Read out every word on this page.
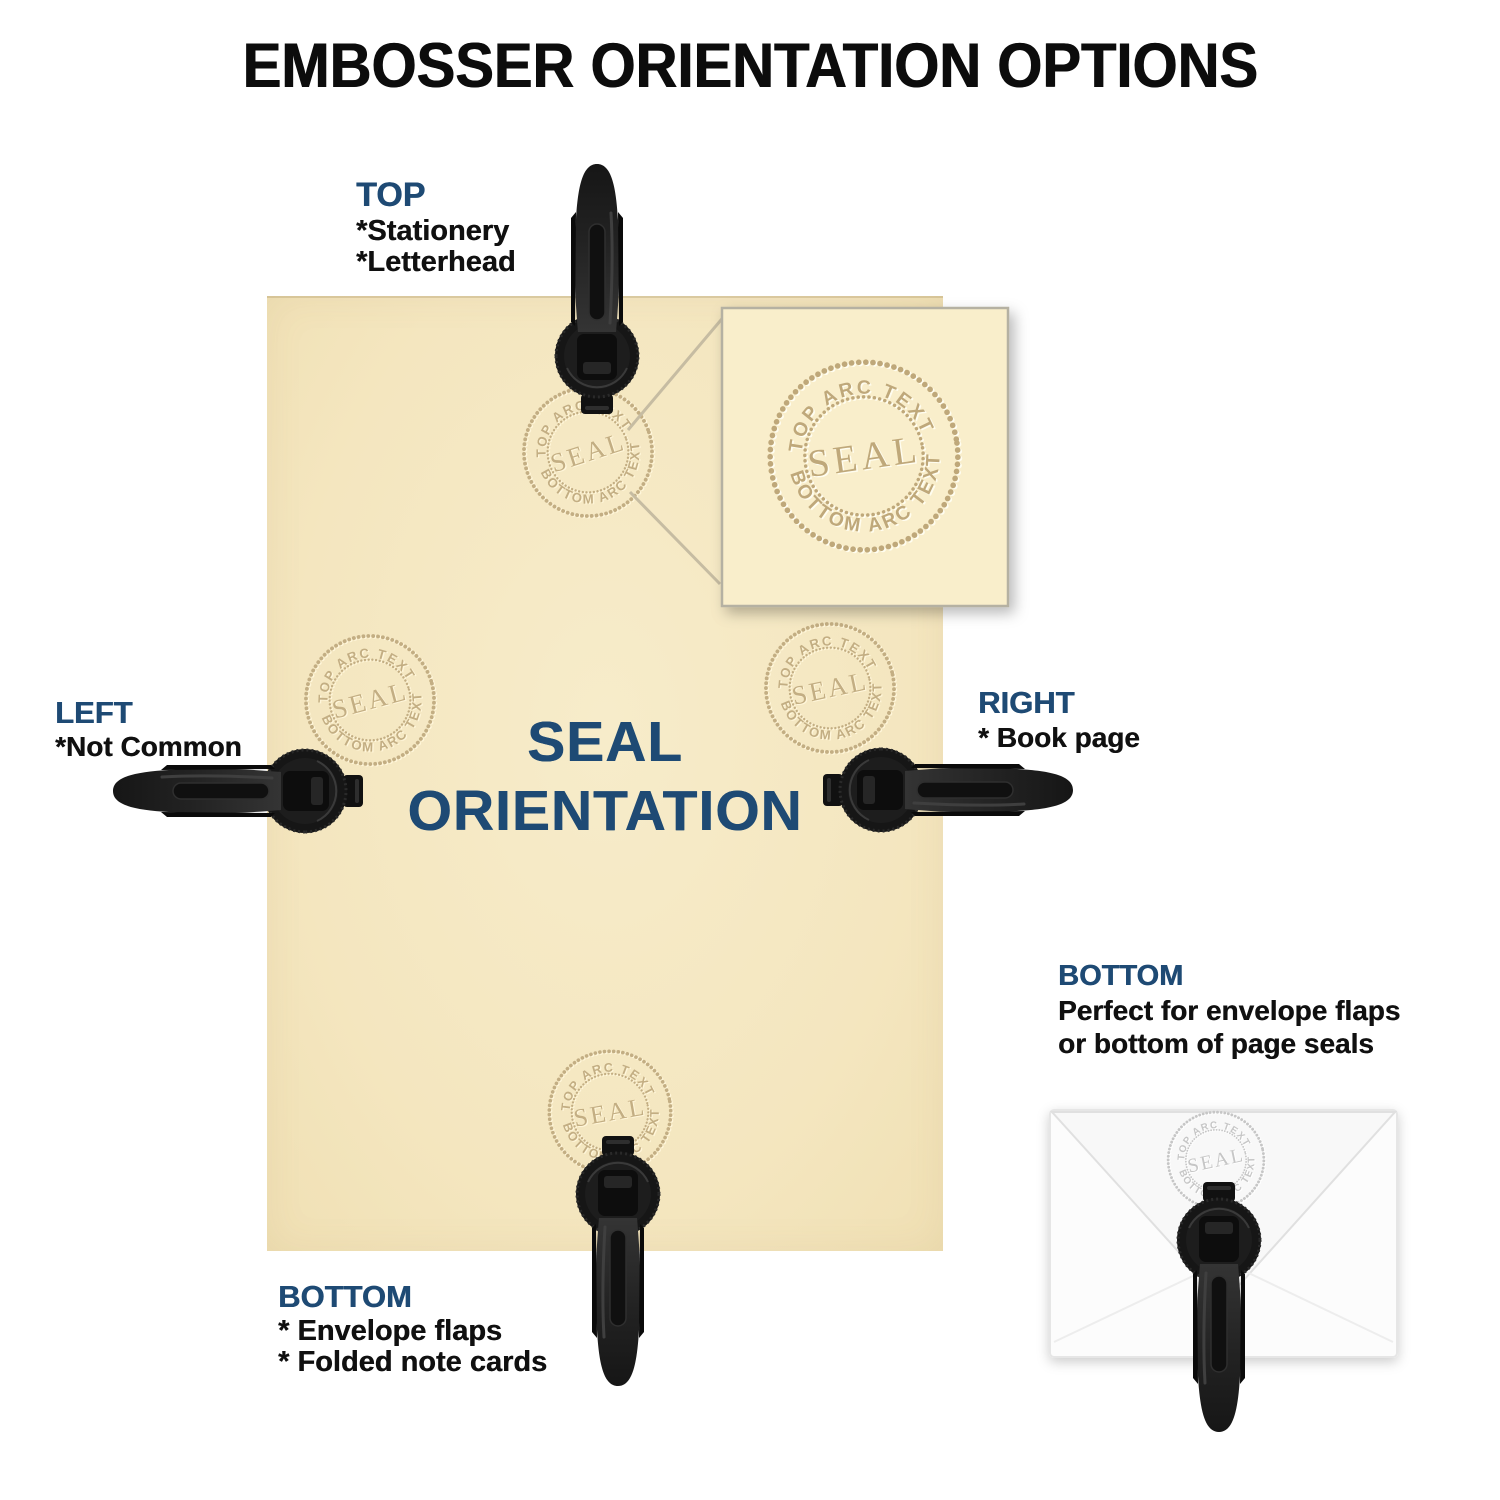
EMBOSSER ORIENTATION OPTIONS
SEAL
ORIENTATION
TOP ARC TEXT
BOTTOM ARC TEXT
SEAL
TOP
*Stationery
*Letterhead
LEFT
*Not Common
RIGHT
* Book page
BOTTOM
* Envelope flaps
* Folded note cards
BOTTOM
Perfect for envelope flaps
or bottom of page seals
